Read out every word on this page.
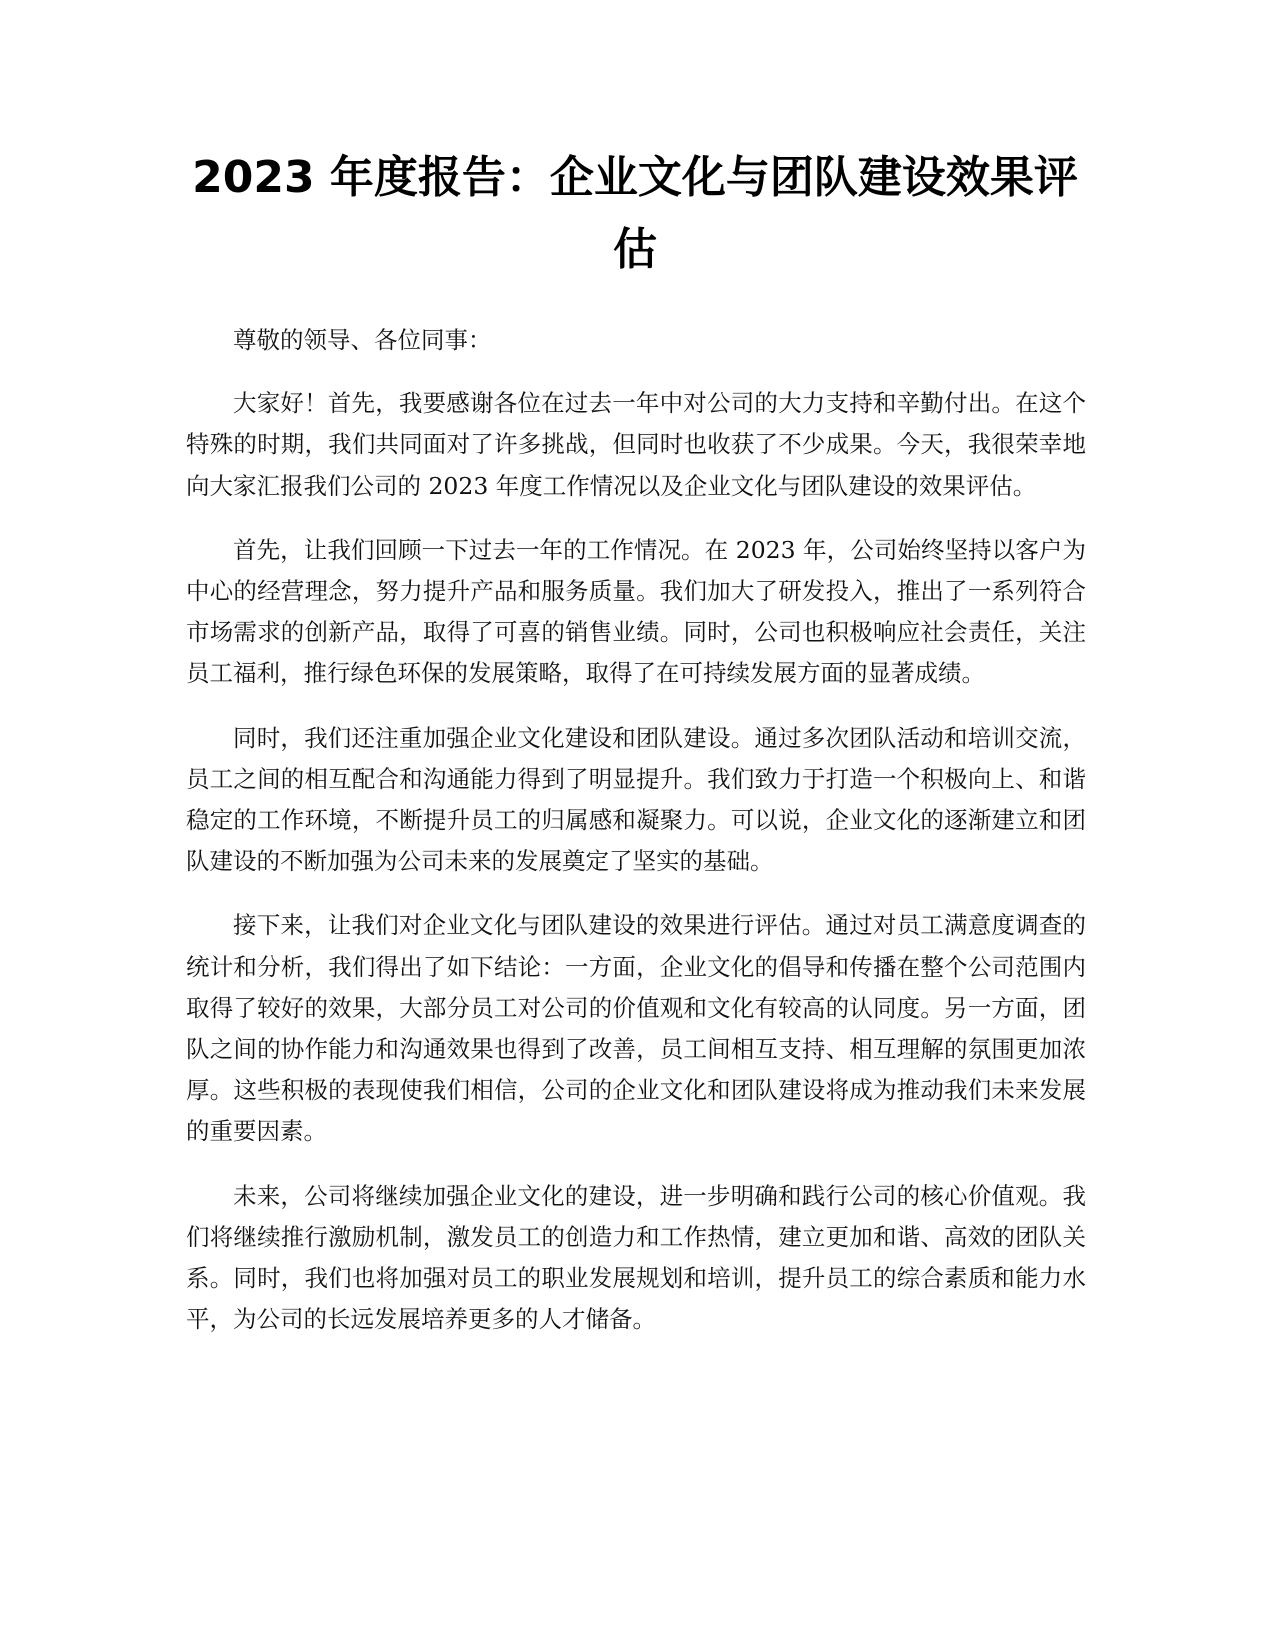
2023 年度报告：企业文化与团队建设效果评估

尊敬的领导、各位同事：

大家好！首先，我要感谢各位在过去一年中对公司的大力支持和辛勤付出。在这个特殊的时期，我们共同面对了许多挑战，但同时也收获了不少成果。今天，我很荣幸地向大家汇报我们公司的 2023 年度工作情况以及企业文化与团队建设的效果评估。

首先，让我们回顾一下过去一年的工作情况。在 2023 年，公司始终坚持以客户为中心的经营理念，努力提升产品和服务质量。我们加大了研发投入，推出了一系列符合市场需求的创新产品，取得了可喜的销售业绩。同时，公司也积极响应社会责任，关注员工福利，推行绿色环保的发展策略，取得了在可持续发展方面的显著成绩。

同时，我们还注重加强企业文化建设和团队建设。通过多次团队活动和培训交流，员工之间的相互配合和沟通能力得到了明显提升。我们致力于打造一个积极向上、和谐稳定的工作环境，不断提升员工的归属感和凝聚力。可以说，企业文化的逐渐建立和团队建设的不断加强为公司未来的发展奠定了坚实的基础。

接下来，让我们对企业文化与团队建设的效果进行评估。通过对员工满意度调查的统计和分析，我们得出了如下结论：一方面，企业文化的倡导和传播在整个公司范围内取得了较好的效果，大部分员工对公司的价值观和文化有较高的认同度。另一方面，团队之间的协作能力和沟通效果也得到了改善，员工间相互支持、相互理解的氛围更加浓厚。这些积极的表现使我们相信，公司的企业文化和团队建设将成为推动我们未来发展的重要因素。

未来，公司将继续加强企业文化的建设，进一步明确和践行公司的核心价值观。我们将继续推行激励机制，激发员工的创造力和工作热情，建立更加和谐、高效的团队关系。同时，我们也将加强对员工的职业发展规划和培训，提升员工的综合素质和能力水平，为公司的长远发展培养更多的人才储备。
